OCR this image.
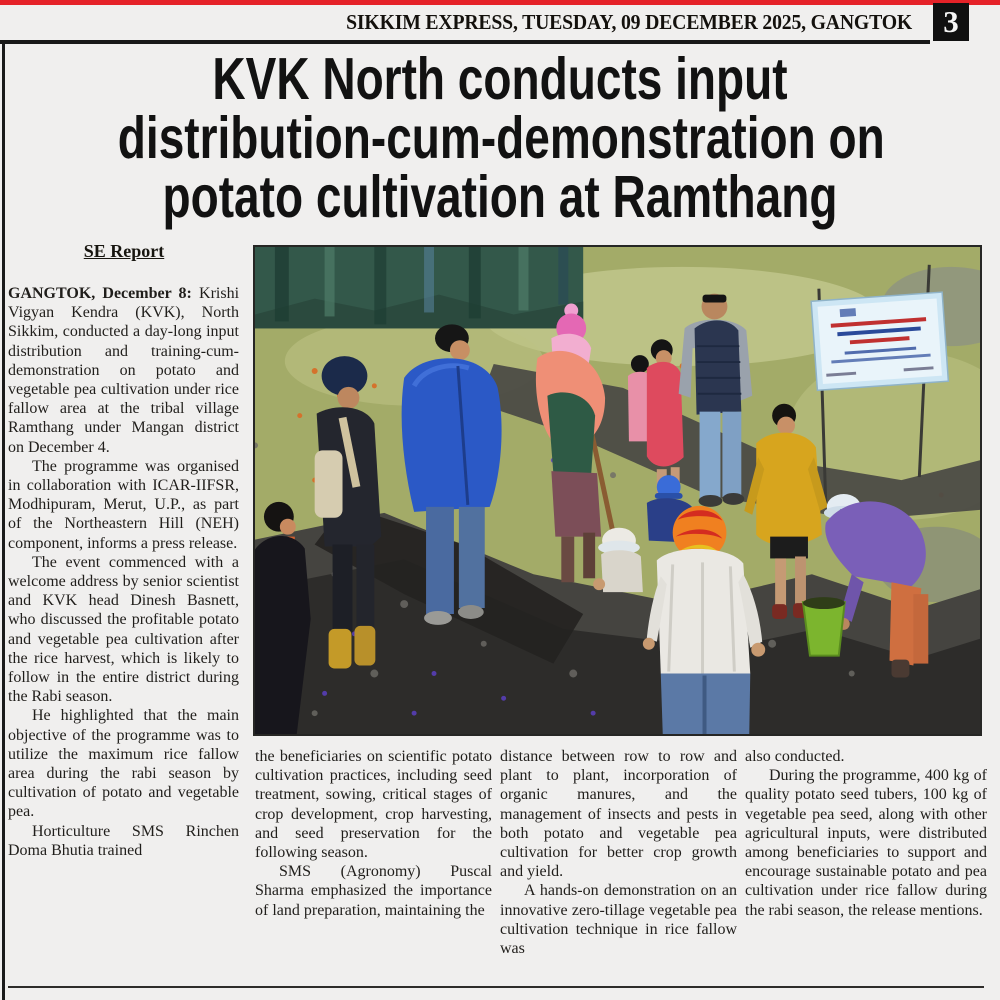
SIKKIM EXPRESS, TUESDAY, 09 DECEMBER 2025, GANGTOK	3
KVK North conducts input
distribution-cum-demonstration on
potato cultivation at Ramthang
SE Report

GANGTOK, December 8: Krishi Vigyan Kendra (KVK), North Sikkim, conducted a day-long input distribution and training-cum-demonstration on potato and vegetable pea cultivation under rice fallow area at the tribal village Ramthang under Mangan district on December 4.

The programme was organised in collaboration with ICAR-IIFSR, Modhipuram, Merut, U.P., as part of the Northeastern Hill (NEH) component, informs a press release.

The event commenced with a welcome address by senior scientist and KVK head Dinesh Basnett, who discussed the profitable potato and vegetable pea cultivation after the rice harvest, which is likely to follow in the entire district during the Rabi season.

He highlighted that the main objective of the programme was to utilize the maximum rice fallow area during the rabi season by cultivation of potato and vegetable pea.

Horticulture SMS Rinchen Doma Bhutia trained

the beneficiaries on scientific potato cultivation practices, including seed treatment, sowing, critical stages of crop development, crop harvesting, and seed preservation for the following season.

SMS (Agronomy) Puscal Sharma emphasized the importance of land preparation, maintaining the

distance between row to row and plant to plant, incorporation of organic manures, and the management of insects and pests in both potato and vegetable pea cultivation for better crop growth and yield.

A hands-on demonstration on an innovative zero-tillage vegetable pea cultivation technique in rice fallow was

also conducted.

During the programme, 400 kg of quality potato seed tubers, 100 kg of vegetable pea seed, along with other agricultural inputs, were distributed among beneficiaries to support and encourage sustainable potato and pea cultivation under rice fallow during the rabi season, the release mentions.
